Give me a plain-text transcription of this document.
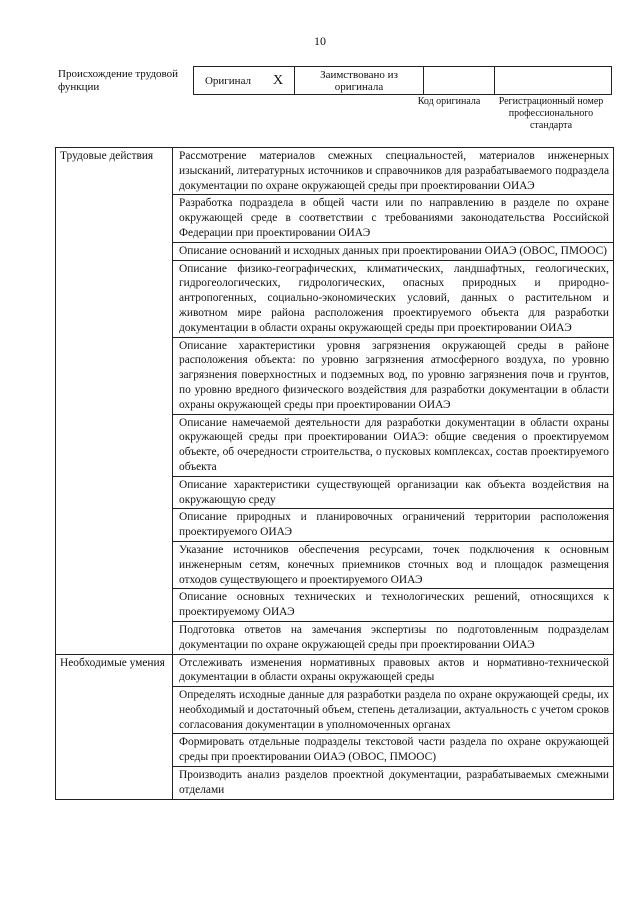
10
Происхождение трудовой функции
Оригинал	Х	Заимствовано из оригинала		
Код оригинала	Регистрационный номер профессионального стандарта
Трудовые действия	Рассмотрение материалов смежных специальностей, материалов инженерных изысканий, литературных источников и справочников для разрабатываемого подраздела документации по охране окружающей среды при проектировании ОИАЭ
	Разработка подраздела в общей части или по направлению в разделе по охране окружающей среде в соответствии с требованиями законодательства Российской Федерации при проектировании ОИАЭ
	Описание оснований и исходных данных при проектировании ОИАЭ (ОВОС, ПМООС)
	Описание физико-географических, климатических, ландшафтных, геологических, гидрогеологических, гидрологических, опасных природных и природно-антропогенных, социально-экономических условий, данных о растительном и животном мире района расположения проектируемого объекта для разработки документации в области охраны окружающей среды при проектировании ОИАЭ
	Описание характеристики уровня загрязнения окружающей среды в районе расположения объекта: по уровню загрязнения атмосферного воздуха, по уровню загрязнения поверхностных и подземных вод, по уровню загрязнения почв и грунтов, по уровню вредного физического воздействия для разработки документации в области охраны окружающей среды при проектировании ОИАЭ
	Описание намечаемой деятельности для разработки документации в области охраны окружающей среды при проектировании ОИАЭ: общие сведения о проектируемом объекте, об очередности строительства, о пусковых комплексах, состав проектируемого объекта
	Описание характеристики существующей организации как объекта воздействия на окружающую среду
	Описание природных и планировочных ограничений территории расположения проектируемого ОИАЭ
	Указание источников обеспечения ресурсами, точек подключения к основным инженерным сетям, конечных приемников сточных вод и площадок размещения отходов существующего и проектируемого ОИАЭ
	Описание основных технических и технологических решений, относящихся к проектируемому ОИАЭ
	Подготовка ответов на замечания экспертизы по подготовленным подразделам документации по охране окружающей среды при проектировании ОИАЭ
Необходимые умения	Отслеживать изменения нормативных правовых актов и нормативно-технической документации в области охраны окружающей среды
	Определять исходные данные для разработки раздела по охране окружающей среды, их необходимый и достаточный объем, степень детализации, актуальность с учетом сроков согласования документации в уполномоченных органах
	Формировать отдельные подразделы текстовой части раздела по охране окружающей среды при проектировании ОИАЭ (ОВОС, ПМООС)
	Производить анализ разделов проектной документации, разрабатываемых смежными отделами
